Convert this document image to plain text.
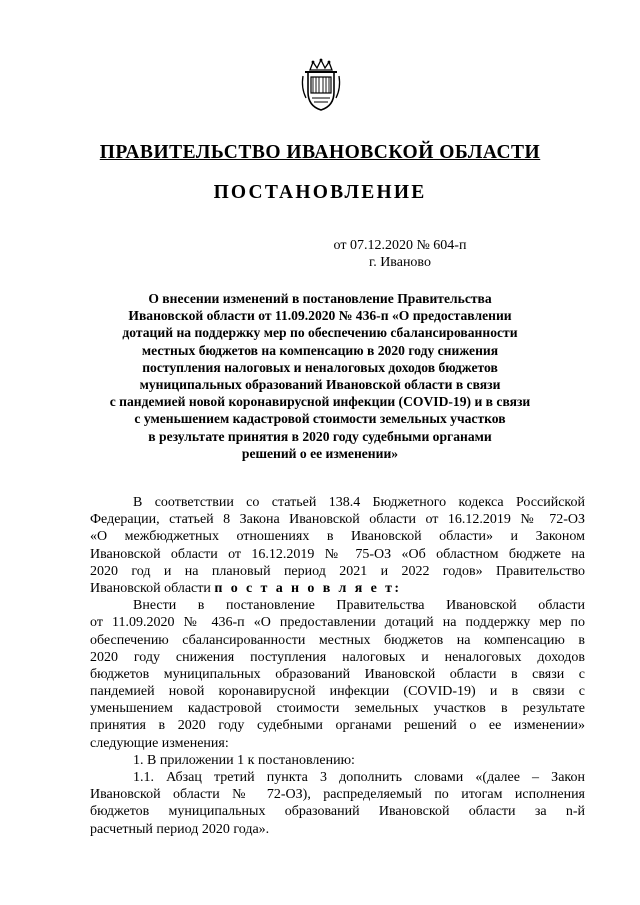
ПРАВИТЕЛЬСТВО ИВАНОВСКОЙ ОБЛАСТИ
ПОСТАНОВЛЕНИЕ
от 07.12.2020 № 604-п
г. Иваново
О внесении изменений в постановление Правительства
Ивановской области от 11.09.2020 № 436-п «О предоставлении
дотаций на поддержку мер по обеспечению сбалансированности
местных бюджетов на компенсацию в 2020 году снижения
поступления налоговых и неналоговых доходов бюджетов
муниципальных образований Ивановской области в связи
с пандемией новой коронавирусной инфекции (COVID-19) и в связи
с уменьшением кадастровой стоимости земельных участков
в результате принятия в 2020 году судебными органами
решений о ее изменении»
В соответствии со статьей 138.4 Бюджетного кодекса Российской
Федерации, статьей 8 Закона Ивановской области от 16.12.2019 № 72-ОЗ
«О межбюджетных отношениях в Ивановской области» и Законом
Ивановской области от 16.12.2019 № 75-ОЗ «Об областном бюджете на
2020 год и на плановый период 2021 и 2022 годов» Правительство
Ивановской области п о с т а н о в л я е т:
Внести в постановление Правительства Ивановской области
от 11.09.2020 № 436-п «О предоставлении дотаций на поддержку мер по
обеспечению сбалансированности местных бюджетов на компенсацию в
2020 году снижения поступления налоговых и неналоговых доходов
бюджетов муниципальных образований Ивановской области в связи с
пандемией новой коронавирусной инфекции (COVID-19) и в связи с
уменьшением кадастровой стоимости земельных участков в результате
принятия в 2020 году судебными органами решений о ее изменении»
следующие изменения:
1. В приложении 1 к постановлению:
1.1. Абзац третий пункта 3 дополнить словами «(далее – Закон
Ивановской области № 72-ОЗ), распределяемый по итогам исполнения
бюджетов муниципальных образований Ивановской области за n-й
расчетный период 2020 года».
